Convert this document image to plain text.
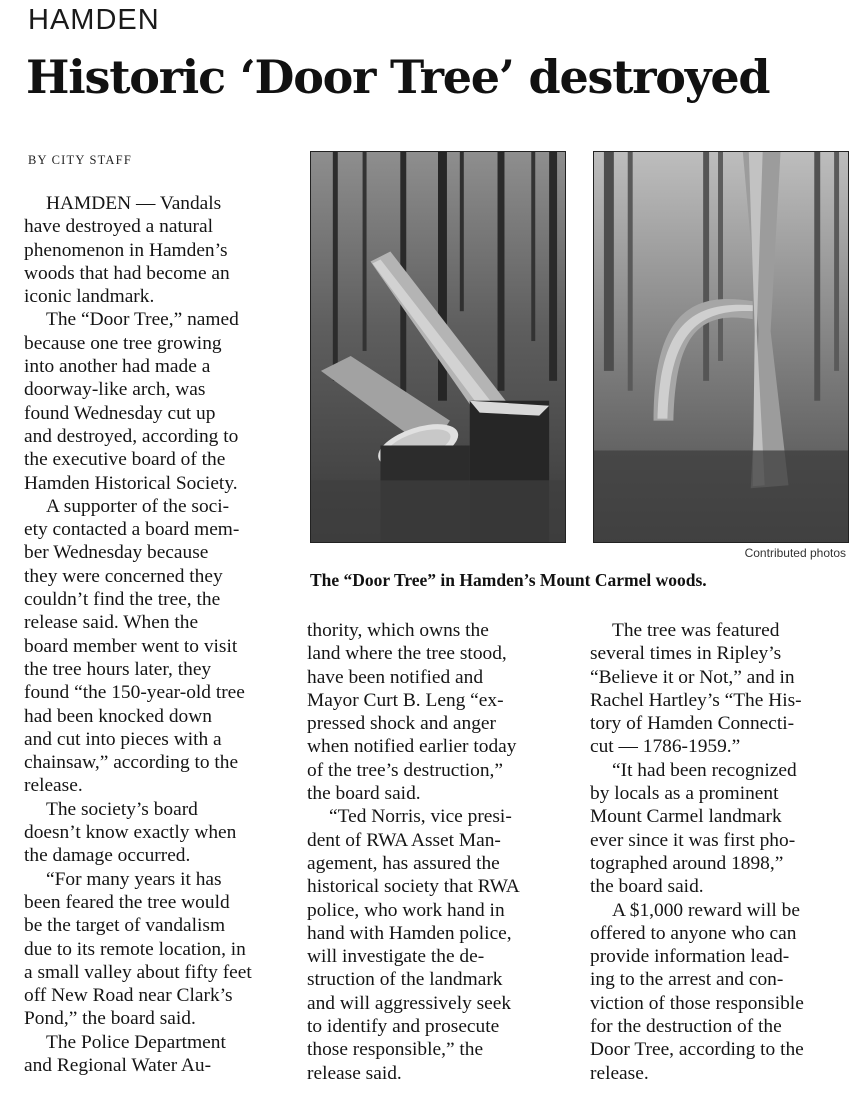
HAMDEN
Historic ‘Door Tree’ destroyed
BY CITY STAFF
HAMDEN — Vandals
have destroyed a natural
phenomenon in Hamden’s
woods that had become an
iconic landmark.
The “Door Tree,” named
because one tree growing
into another had made a
doorway-like arch, was
found Wednesday cut up
and destroyed, according to
the executive board of the
Hamden Historical Society.
A supporter of the soci-
ety contacted a board mem-
ber Wednesday because
they were concerned they
couldn’t find the tree, the
release said. When the
board member went to visit
the tree hours later, they
found “the 150-year-old tree
had been knocked down
and cut into pieces with a
chainsaw,” according to the
release.
The society’s board
doesn’t know exactly when
the damage occurred.
“For many years it has
been feared the tree would
be the target of vandalism
due to its remote location, in
a small valley about fifty feet
off New Road near Clark’s
Pond,” the board said.
The Police Department
and Regional Water Au-
thority, which owns the
land where the tree stood,
have been notified and
Mayor Curt B. Leng “ex-
pressed shock and anger
when notified earlier today
of the tree’s destruction,”
the board said.
“Ted Norris, vice presi-
dent of RWA Asset Man-
agement, has assured the
historical society that RWA
police, who work hand in
hand with Hamden police,
will investigate the de-
struction of the landmark
and will aggressively seek
to identify and prosecute
those responsible,” the
release said.
The tree was featured
several times in Ripley’s
“Believe it or Not,” and in
Rachel Hartley’s “The His-
tory of Hamden Connecti-
cut — 1786-1959.”
“It had been recognized
by locals as a prominent
Mount Carmel landmark
ever since it was first pho-
tographed around 1898,”
the board said.
A $1,000 reward will be
offered to anyone who can
provide information lead-
ing to the arrest and con-
viction of those responsible
for the destruction of the
Door Tree, according to the
release.
Contributed photos
The “Door Tree” in Hamden’s Mount Carmel woods.
